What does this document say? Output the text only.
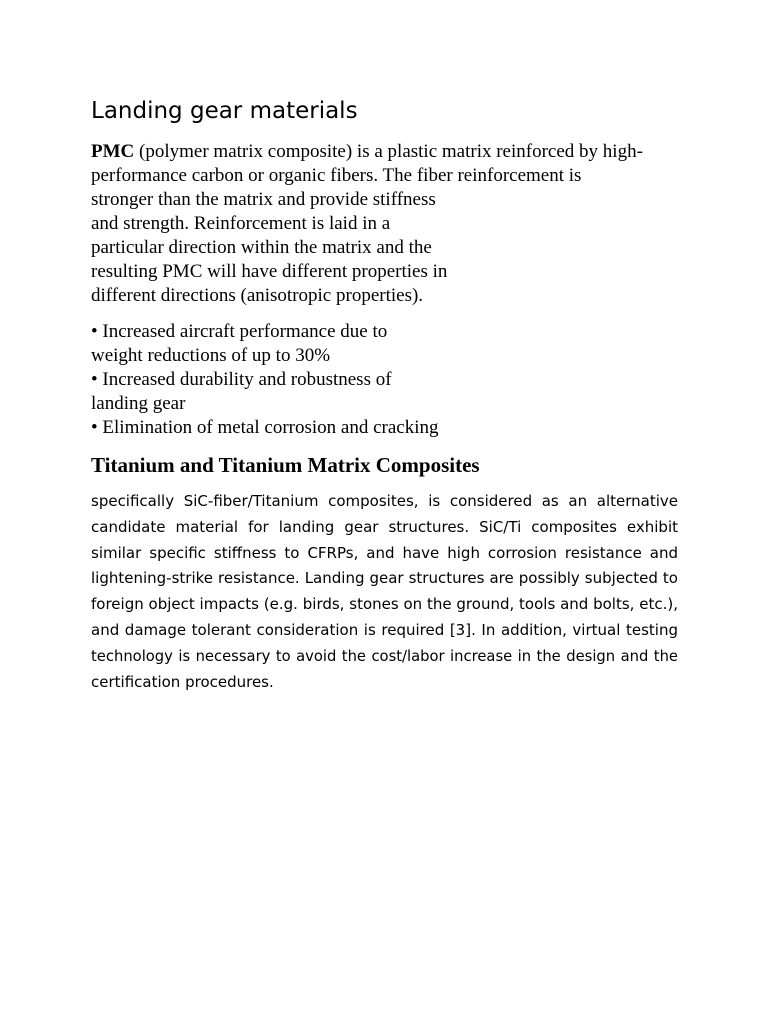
Landing gear materials
PMC (polymer matrix composite) is a plastic matrix reinforced by high-
performance carbon or organic fibers. The fiber reinforcement is
stronger than the matrix and provide stiffness
and strength. Reinforcement is laid in a
particular direction within the matrix and the
resulting PMC will have different properties in
different directions (anisotropic properties).
• Increased aircraft performance due to
weight reductions of up to 30%
• Increased durability and robustness of
landing gear
• Elimination of metal corrosion and cracking
Titanium and Titanium Matrix Composites
specifically SiC-fiber/Titanium composites, is considered as an alternative
candidate material for landing gear structures. SiC/Ti composites exhibit
similar specific stiffness to CFRPs, and have high corrosion resistance and
lightening-strike resistance. Landing gear structures are possibly subjected to
foreign object impacts (e.g. birds, stones on the ground, tools and bolts, etc.),
and damage tolerant consideration is required [3]. In addition, virtual testing
technology is necessary to avoid the cost/labor increase in the design and the
certification procedures.
